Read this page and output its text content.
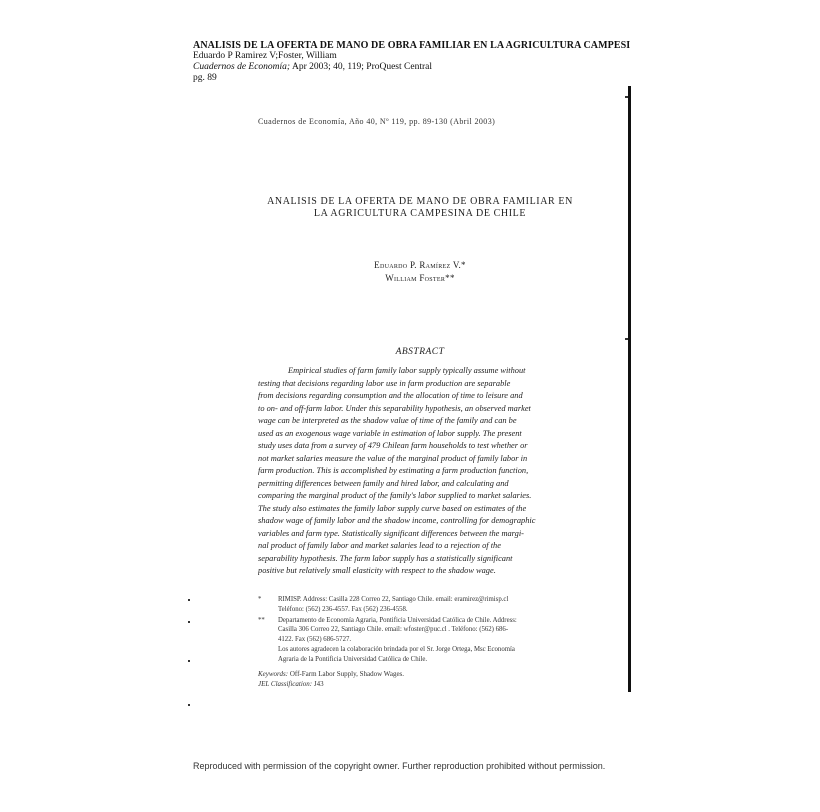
ANALISIS DE LA OFERTA DE MANO DE OBRA FAMILIAR EN LA AGRICULTURA CAMPESI
Eduardo P Ramirez V;Foster, William
Cuadernos de Economía; Apr 2003; 40, 119; ProQuest Central
pg. 89
Cuadernos de Economía, Año 40, Nº 119, pp. 89-130 (Abril 2003)
ANALISIS DE LA OFERTA DE MANO DE OBRA FAMILIAR EN
LA AGRICULTURA CAMPESINA DE CHILE
Eduardo P. Ramírez V.*
William Foster**
ABSTRACT
Empirical studies of farm family labor supply typically assume without
testing that decisions regarding labor use in farm production are separable
from decisions regarding consumption and the allocation of time to leisure and
to on- and off-farm labor. Under this separability hypothesis, an observed market
wage can be interpreted as the shadow value of time of the family and can be
used as an exogenous wage variable in estimation of labor supply. The present
study uses data from a survey of 479 Chilean farm households to test whether or
not market salaries measure the value of the marginal product of family labor in
farm production. This is accomplished by estimating a farm production function,
permitting differences between family and hired labor, and calculating and
comparing the marginal product of the family's labor supplied to market salaries.
The study also estimates the family labor supply curve based on estimates of the
shadow wage of family labor and the shadow income, controlling for demographic
variables and farm type. Statistically significant differences between the margi-
nal product of family labor and market salaries lead to a rejection of the
separability hypothesis. The farm labor supply has a statistically significant
positive but relatively small elasticity with respect to the shadow wage.
* RIMISP. Address: Casilla 228 Correo 22, Santiago Chile. email: eramirez@rimisp.cl
Teléfono: (562) 236-4557. Fax (562) 236-4558.
** Departamento de Economía Agraria, Pontificia Universidad Católica de Chile. Address:
Casilla 306 Correo 22, Santiago Chile. email: wfoster@puc.cl . Teléfono: (562) 686-
4122. Fax (562) 686-5727.
Los autores agradecen la colaboración brindada por el Sr. Jorge Ortega, Msc Economía
Agraria de la Pontificia Universidad Católica de Chile.
Keywords: Off-Farm Labor Supply, Shadow Wages.
JEL Classification: J43
Reproduced with permission of the copyright owner. Further reproduction prohibited without permission.
